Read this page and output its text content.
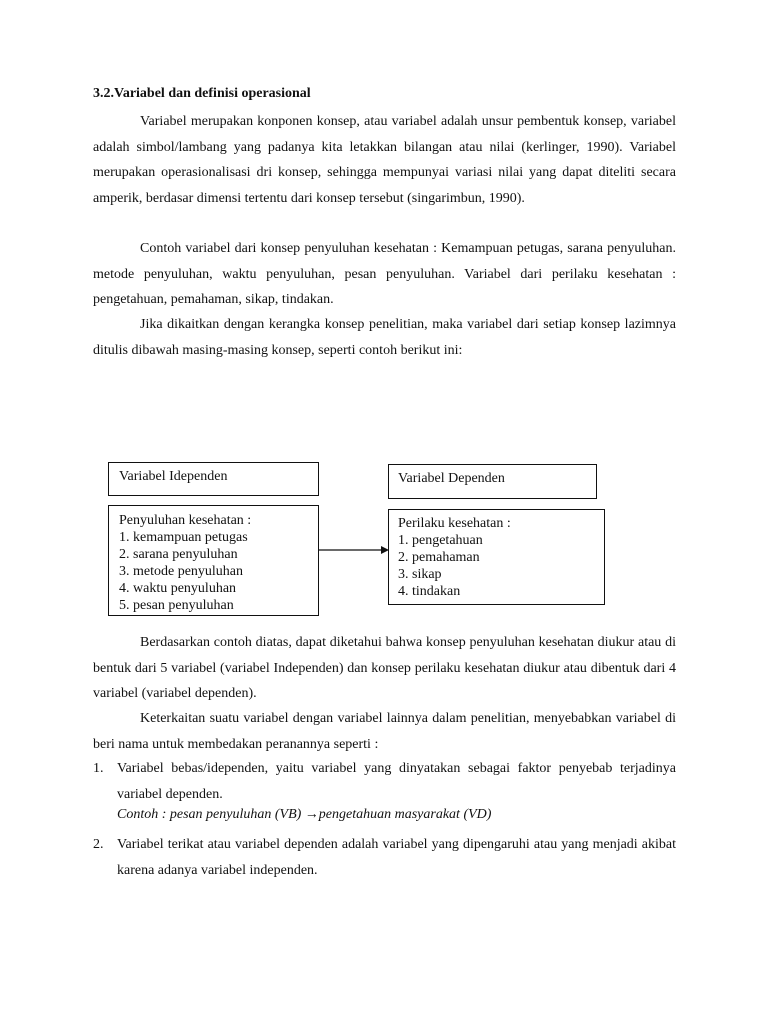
3.2.Variabel dan definisi operasional

Variabel merupakan konponen konsep, atau variabel adalah unsur pembentuk konsep, variabel adalah simbol/lambang yang padanya kita letakkan bilangan atau nilai (kerlinger, 1990). Variabel merupakan operasionalisasi dri konsep, sehingga mempunyai variasi nilai yang dapat diteliti secara amperik, berdasar dimensi tertentu dari konsep tersebut (singarimbun, 1990).

Contoh variabel dari konsep penyuluhan kesehatan : Kemampuan petugas, sarana penyuluhan. metode penyuluhan, waktu penyuluhan, pesan penyuluhan. Variabel dari perilaku kesehatan : pengetahuan, pemahaman, sikap, tindakan.

Jika dikaitkan dengan kerangka konsep penelitian, maka variabel dari setiap konsep lazimnya ditulis dibawah masing-masing konsep, seperti contoh berikut ini:

Variabel Idependen	Variabel Dependen
Penyuluhan kesehatan :
1. kemampuan petugas
2. sarana penyuluhan
3. metode penyuluhan
4. waktu penyuluhan
5. pesan penyuluhan
Perilaku kesehatan :
1. pengetahuan
2. pemahaman
3. sikap
4. tindakan

Berdasarkan contoh diatas, dapat diketahui bahwa konsep penyuluhan kesehatan diukur atau di bentuk dari 5 variabel (variabel Independen) dan konsep perilaku kesehatan diukur atau dibentuk dari 4 variabel (variabel dependen).

Keterkaitan suatu variabel dengan variabel lainnya dalam penelitian, menyebabkan variabel di beri nama untuk membedakan peranannya seperti :

1. Variabel bebas/idependen, yaitu variabel yang dinyatakan sebagai faktor penyebab terjadinya variabel dependen.

Contoh : pesan penyuluhan (VB) →pengetahuan masyarakat (VD)

2. Variabel terikat atau variabel dependen adalah variabel yang dipengaruhi atau yang menjadi akibat karena adanya variabel independen.
